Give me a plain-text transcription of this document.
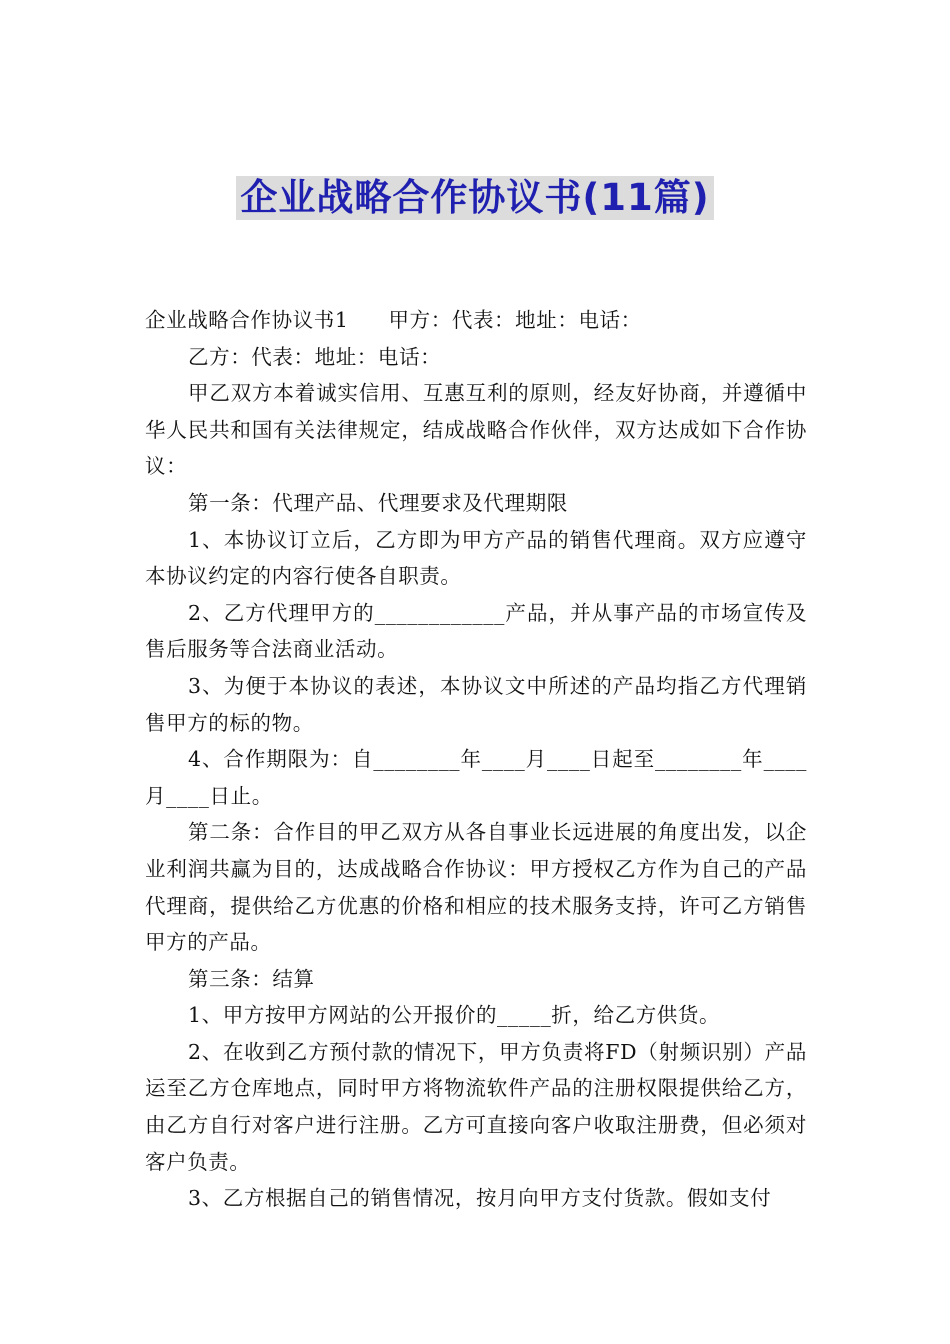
企业战略合作协议书(11篇)

企业战略合作协议书1 甲方：代表：地址：电话：

乙方：代表：地址：电话：

甲乙双方本着诚实信用、互惠互利的原则，经友好协商，并遵循中华人民共和国有关法律规定，结成战略合作伙伴，双方达成如下合作协议：

第一条：代理产品、代理要求及代理期限

1、本协议订立后，乙方即为甲方产品的销售代理商。双方应遵守本协议约定的内容行使各自职责。

2、乙方代理甲方的____________产品，并从事产品的市场宣传及售后服务等合法商业活动。

3、为便于本协议的表述，本协议文中所述的产品均指乙方代理销售甲方的标的物。

4、合作期限为：自________年____月____日起至________年____月____日止。

第二条：合作目的甲乙双方从各自事业长远进展的角度出发，以企业利润共赢为目的，达成战略合作协议：甲方授权乙方作为自己的产品代理商，提供给乙方优惠的价格和相应的技术服务支持，许可乙方销售甲方的产品。

第三条：结算

1、甲方按甲方网站的公开报价的_____折，给乙方供货。

2、在收到乙方预付款的情况下，甲方负责将FD（射频识别）产品运至乙方仓库地点，同时甲方将物流软件产品的注册权限提供给乙方，由乙方自行对客户进行注册。乙方可直接向客户收取注册费，但必须对客户负责。

3、乙方根据自己的销售情况，按月向甲方支付货款。假如支付
